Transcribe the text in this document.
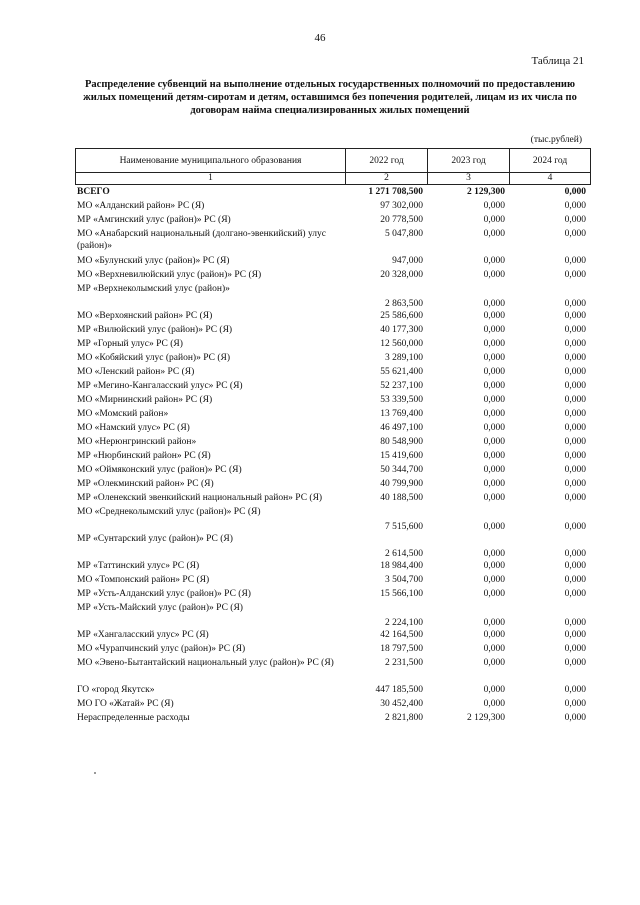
46
Таблица 21
Распределение субвенций на выполнение отдельных государственных полномочий по предоставлению жилых помещений детям-сиротам и детям, оставшимся без попечения родителей, лицам из их числа по договорам найма специализированных жилых помещений
(тыс.рублей)
Наименование муниципального образования	2022 год	2023 год	2024 год
1	2	3	4
ВСЕГО	1 271 708,500	2 129,300	0,000
МО «Алданский район» РС (Я)	97 302,000	0,000	0,000
МР «Амгинский улус (район)» РС (Я)	20 778,500	0,000	0,000
МО «Анабарский национальный (долгано-эвенкийский) улус (район)»	5 047,800	0,000	0,000
МО «Булунский улус (район)» РС (Я)	947,000	0,000	0,000
МО «Верхневилюйский улус (район)» РС (Я)	20 328,000	0,000	0,000
МР «Верхнеколымский улус (район)»	2 863,500	0,000	0,000
МО «Верхоянский район» РС (Я)	25 586,600	0,000	0,000
МР «Вилюйский улус (район)» РС (Я)	40 177,300	0,000	0,000
МР «Горный улус» РС (Я)	12 560,000	0,000	0,000
МО «Кобяйский улус (район)» РС (Я)	3 289,100	0,000	0,000
МО «Ленский район» РС (Я)	55 621,400	0,000	0,000
МР «Мегино-Кангаласский улус» РС (Я)	52 237,100	0,000	0,000
МО «Мирнинский район» РС (Я)	53 339,500	0,000	0,000
МО «Момский район»	13 769,400	0,000	0,000
МО «Намский улус» РС (Я)	46 497,100	0,000	0,000
МО «Нерюнгринский район»	80 548,900	0,000	0,000
МР «Нюрбинский район» РС (Я)	15 419,600	0,000	0,000
МО «Оймяконский улус (район)» РС (Я)	50 344,700	0,000	0,000
МР «Олекминский район» РС (Я)	40 799,900	0,000	0,000
МР «Оленекский эвенкийский национальный район» РС (Я)	40 188,500	0,000	0,000
МО «Среднеколымский улус (район)» РС (Я)	7 515,600	0,000	0,000
МР «Сунтарский улус (район)» РС (Я)	2 614,500	0,000	0,000
МР «Таттинский улус» РС (Я)	18 984,400	0,000	0,000
МО «Томпонский район» РС (Я)	3 504,700	0,000	0,000
МР «Усть-Алданский улус (район)» РС (Я)	15 566,100	0,000	0,000
МР «Усть-Майский улус (район)» РС (Я)	2 224,100	0,000	0,000
МР «Хангаласский улус» РС (Я)	42 164,500	0,000	0,000
МО «Чурапчинский улус (район)» РС (Я)	18 797,500	0,000	0,000
МО «Эвено-Бытантайский национальный улус (район)» РС (Я)	2 231,500	0,000	0,000
ГО «город Якутск»	447 185,500	0,000	0,000
МО ГО «Жатай» РС (Я)	30 452,400	0,000	0,000
Нераспределенные расходы	2 821,800	2 129,300	0,000
